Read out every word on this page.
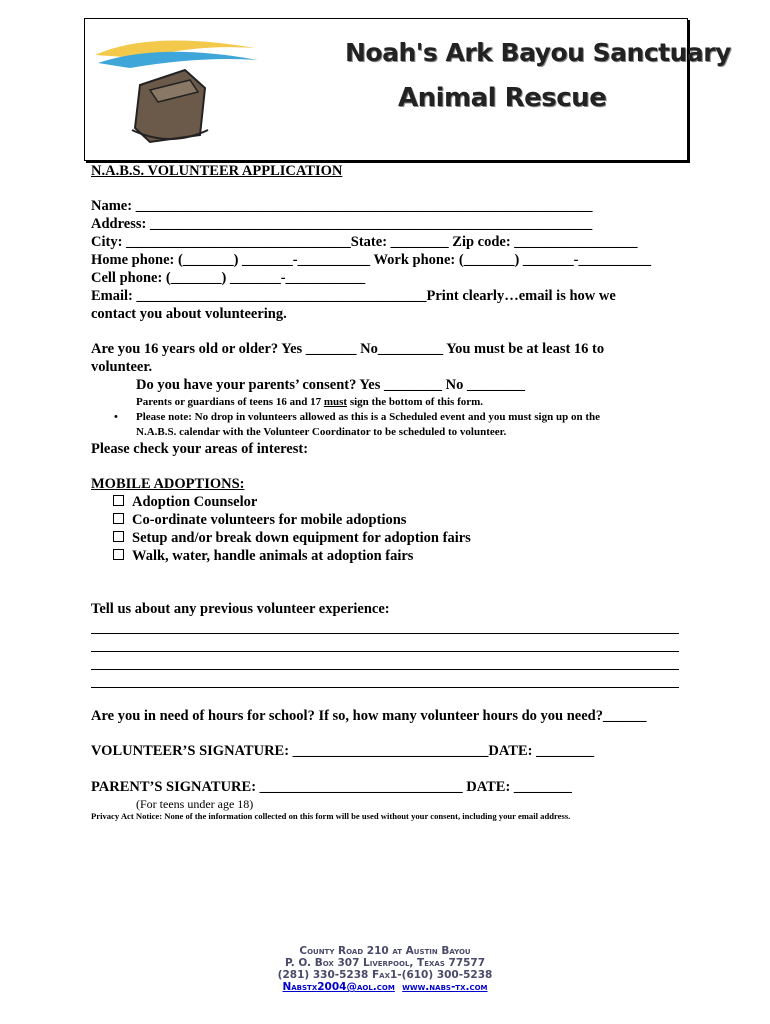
Noah's Ark Bayou Sanctuary
Animal Rescue
N.A.B.S. VOLUNTEER APPLICATION
Name: _______________________________________________________________
Address: _____________________________________________________________
City: _______________________________State: ________ Zip code: _________________
Home phone: (_______) _______-__________ Work phone: (_______) _______-__________
Cell phone: (_______) _______-___________
Email: ________________________________________Print clearly…email is how we
contact you about volunteering.
Are you 16 years old or older? Yes _______ No_________ You must be at least 16 to
volunteer.
Do you have your parents’ consent? Yes ________ No ________
Parents or guardians of teens 16 and 17 must sign the bottom of this form.
• Please note: No drop in volunteers allowed as this is a Scheduled event and you must sign up on the
N.A.B.S. calendar with the Volunteer Coordinator to be scheduled to volunteer.
Please check your areas of interest:
MOBILE ADOPTIONS:
Adoption Counselor
Co-ordinate volunteers for mobile adoptions
Setup and/or break down equipment for adoption fairs
Walk, water, handle animals at adoption fairs
Tell us about any previous volunteer experience:
Are you in need of hours for school? If so, how many volunteer hours do you need?______
VOLUNTEER’S SIGNATURE: ___________________________DATE: ________
PARENT’S SIGNATURE: ____________________________ DATE: ________
(For teens under age 18)
Privacy Act Notice: None of the information collected on this form will be used without your consent, including your email address.
County Road 210 at Austin Bayou
P. O. Box 307 Liverpool, Texas 77577
(281) 330-5238 Fax1-(610) 300-5238
Nabstx2004@aol.com www.nabs-tx.com
